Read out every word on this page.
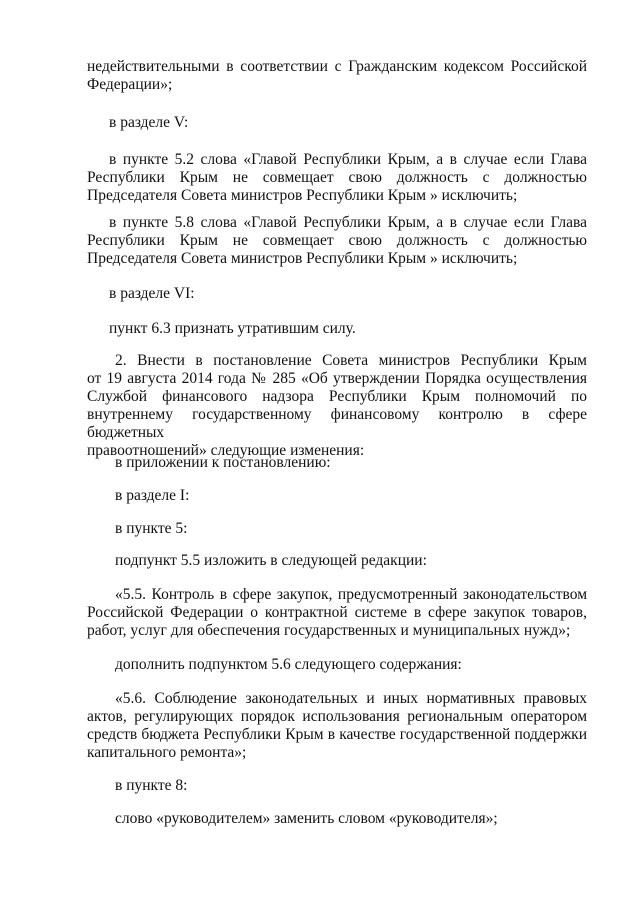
недействительными в соответствии с Гражданским кодексом Российской
Федерации»;
в разделе V:
в пункте 5.2 слова «Главой Республики Крым, а в случае если Глава
Республики Крым не совмещает свою должность с должностью
Председателя Совета министров Республики Крым » исключить;
в пункте 5.8 слова «Главой Республики Крым, а в случае если Глава
Республики Крым не совмещает свою должность с должностью
Председателя Совета министров Республики Крым » исключить;
в разделе VI:
пункт 6.3 признать утратившим силу.
2. Внести в постановление Совета министров Республики Крым
от 19 августа 2014 года № 285 «Об утверждении Порядка осуществления
Службой финансового надзора Республики Крым полномочий по
внутреннему государственному финансовому контролю в сфере бюджетных
правоотношений» следующие изменения:
в приложении к постановлению:
в разделе I:
в пункте 5:
подпункт 5.5 изложить в следующей редакции:
«5.5. Контроль в сфере закупок, предусмотренный законодательством
Российской Федерации о контрактной системе в сфере закупок товаров,
работ, услуг для обеспечения государственных и муниципальных нужд»;
дополнить подпунктом 5.6 следующего содержания:
«5.6. Соблюдение законодательных и иных нормативных правовых
актов, регулирующих порядок использования региональным оператором
средств бюджета Республики Крым в качестве государственной поддержки
капитального ремонта»;
в пункте 8:
слово «руководителем» заменить словом «руководителя»;
